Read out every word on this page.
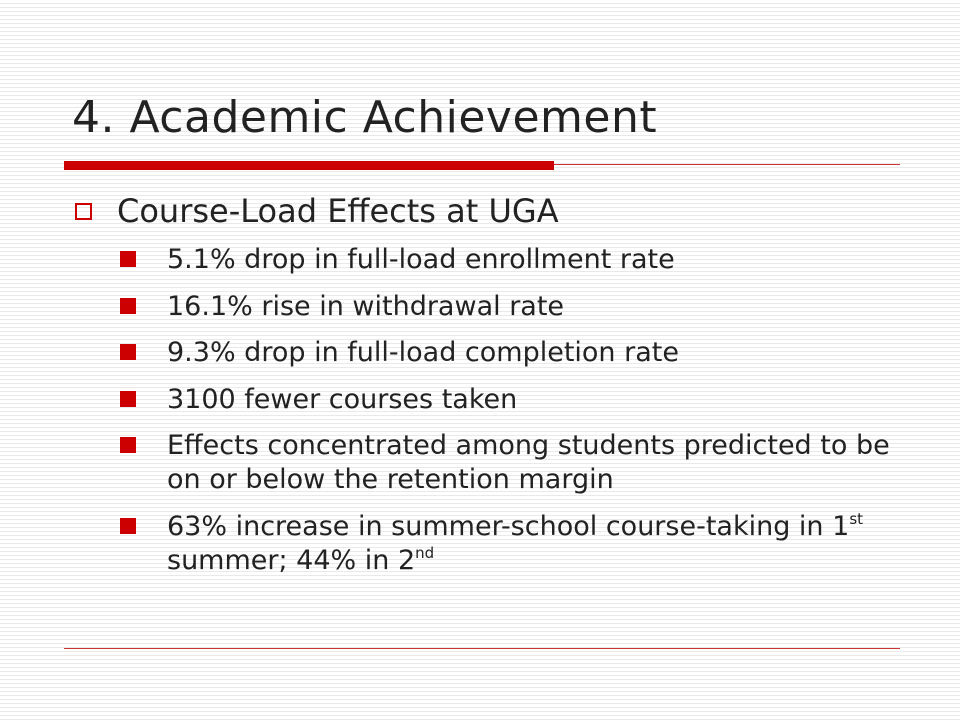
4. Academic Achievement
Course-Load Effects at UGA
5.1% drop in full-load enrollment rate
16.1% rise in withdrawal rate
9.3% drop in full-load completion rate
3100 fewer courses taken
Effects concentrated among students predicted to be on or below the retention margin
63% increase in summer-school course-taking in 1st summer; 44% in 2nd
